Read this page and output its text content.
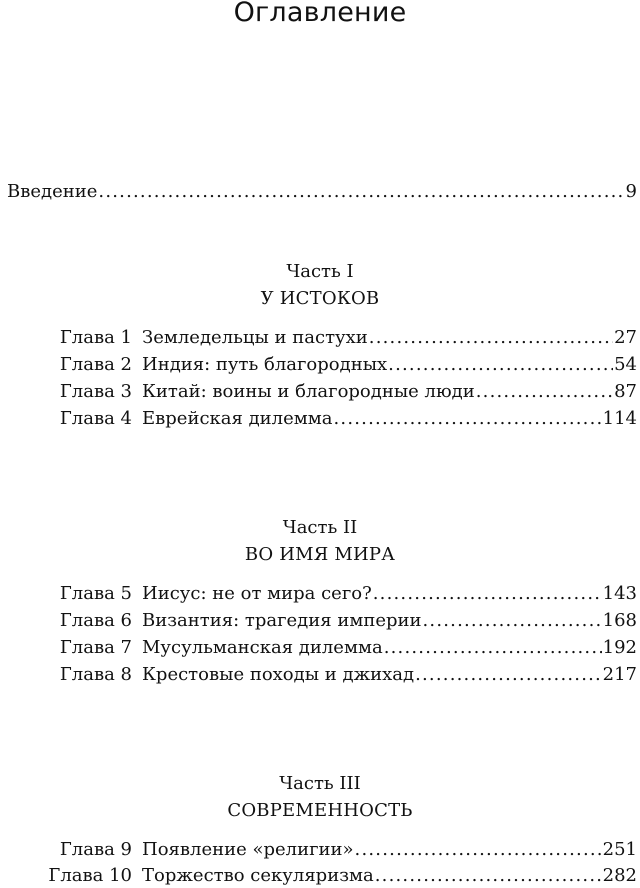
Оглавление
Введение .....	9
Часть I
У ИСТОКОВ
Глава 1 Земледельцы и пастухи .....	27
Глава 2 Индия: путь благородных .....	54
Глава 3 Китай: воины и благородные люди .....	87
Глава 4 Еврейская дилемма .....	114
Часть II
ВО ИМЯ МИРА
Глава 5 Иисус: не от мира сего? .....	143
Глава 6 Византия: трагедия империи .....	168
Глава 7 Мусульманская дилемма .....	192
Глава 8 Крестовые походы и джихад .....	217
Часть III
СОВРЕМЕННОСТЬ
Глава 9 Появление «религии» .....	251
Глава 10 Торжество секуляризма .....	282
